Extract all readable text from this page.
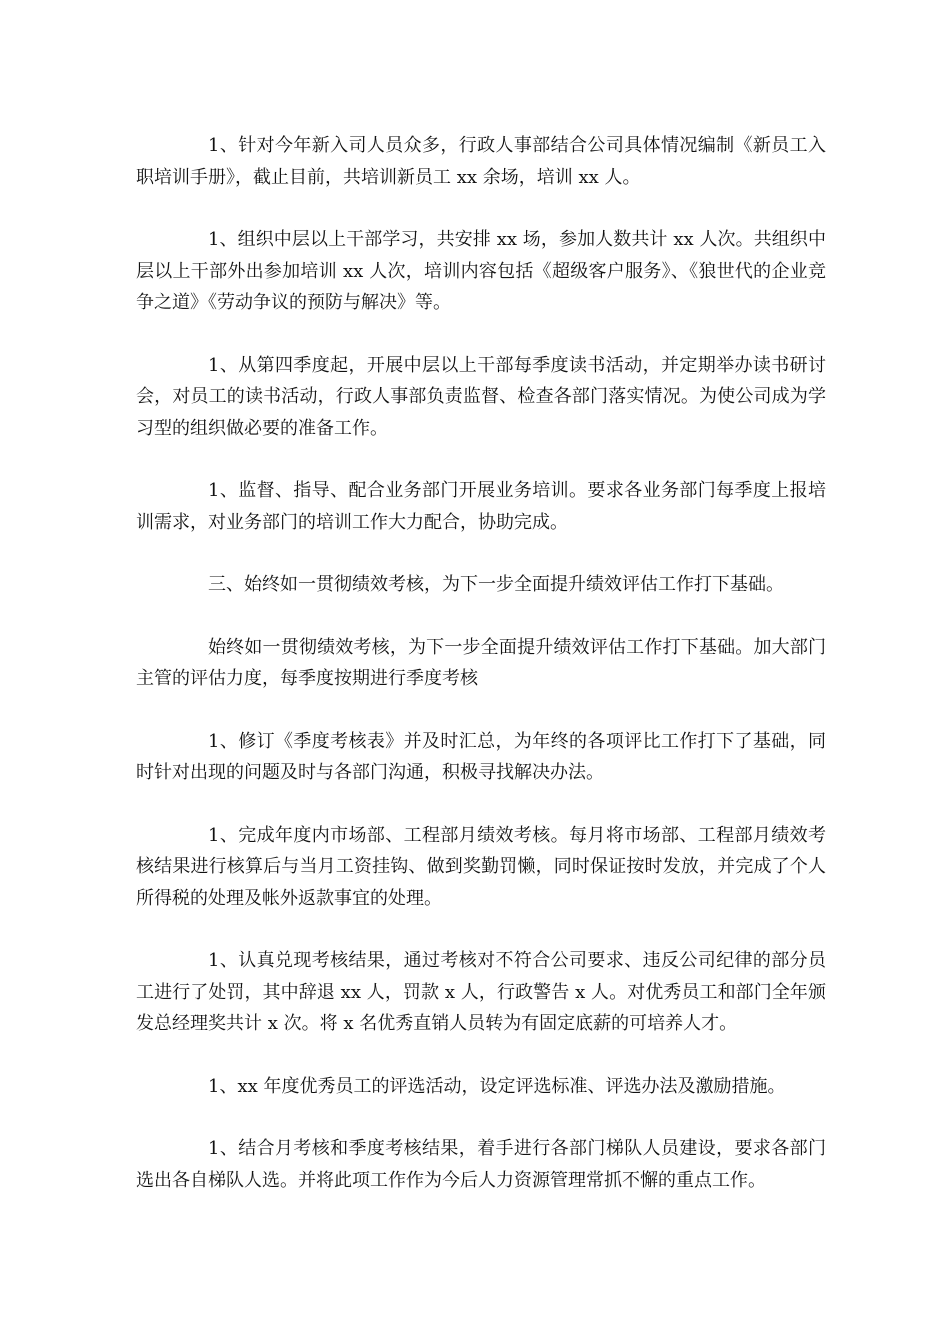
1、针对今年新入司人员众多，行政人事部结合公司具体情况编制《新员工入职培训手册》，截止目前，共培训新员工 xx 余场，培训 xx 人。

1、组织中层以上干部学习，共安排 xx 场，参加人数共计 xx 人次。共组织中层以上干部外出参加培训 xx 人次，培训内容包括《超级客户服务》、《狼世代的企业竞争之道》《劳动争议的预防与解决》等。

1、从第四季度起，开展中层以上干部每季度读书活动，并定期举办读书研讨会，对员工的读书活动，行政人事部负责监督、检查各部门落实情况。为使公司成为学习型的组织做必要的准备工作。

1、监督、指导、配合业务部门开展业务培训。要求各业务部门每季度上报培训需求，对业务部门的培训工作大力配合，协助完成。

三、始终如一贯彻绩效考核，为下一步全面提升绩效评估工作打下基础。

始终如一贯彻绩效考核，为下一步全面提升绩效评估工作打下基础。加大部门主管的评估力度，每季度按期进行季度考核

1、修订《季度考核表》并及时汇总，为年终的各项评比工作打下了基础，同时针对出现的问题及时与各部门沟通，积极寻找解决办法。

1、完成年度内市场部、工程部月绩效考核。每月将市场部、工程部月绩效考核结果进行核算后与当月工资挂钩、做到奖勤罚懒，同时保证按时发放，并完成了个人所得税的处理及帐外返款事宜的处理。

1、认真兑现考核结果，通过考核对不符合公司要求、违反公司纪律的部分员工进行了处罚，其中辞退 xx 人，罚款 x 人，行政警告 x 人。对优秀员工和部门全年颁发总经理奖共计 x 次。将 x 名优秀直销人员转为有固定底薪的可培养人才。

1、xx 年度优秀员工的评选活动，设定评选标准、评选办法及激励措施。

1、结合月考核和季度考核结果，着手进行各部门梯队人员建设，要求各部门选出各自梯队人选。并将此项工作作为今后人力资源管理常抓不懈的重点工作。
